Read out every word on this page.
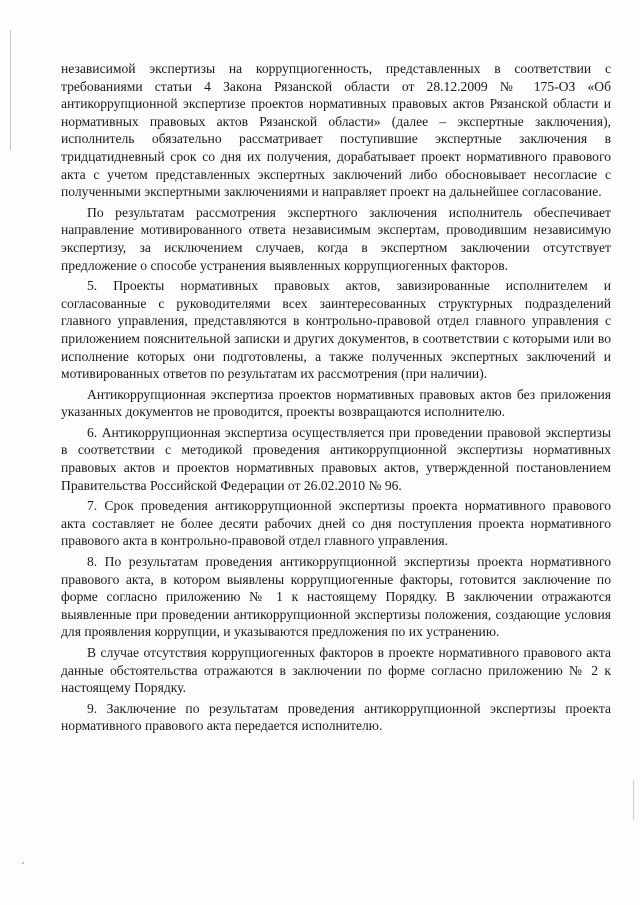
независимой экспертизы на коррупциогенность, представленных в соответствии с требованиями статьи 4 Закона Рязанской области от 28.12.2009 № 175-ОЗ «Об антикоррупционной экспертизе проектов нормативных правовых актов Рязанской области и нормативных правовых актов Рязанской области» (далее – экспертные заключения), исполнитель обязательно рассматривает поступившие экспертные заключения в тридцатидневный срок со дня их получения, дорабатывает проект нормативного правового акта с учетом представленных экспертных заключений либо обосновывает несогласие с полученными экспертными заключениями и направляет проект на дальнейшее согласование.

По результатам рассмотрения экспертного заключения исполнитель обеспечивает направление мотивированного ответа независимым экспертам, проводившим независимую экспертизу, за исключением случаев, когда в экспертном заключении отсутствует предложение о способе устранения выявленных коррупциогенных факторов.

5. Проекты нормативных правовых актов, завизированные исполнителем и согласованные с руководителями всех заинтересованных структурных подразделений главного управления, представляются в контрольно-правовой отдел главного управления с приложением пояснительной записки и других документов, в соответствии с которыми или во исполнение которых они подготовлены, а также полученных экспертных заключений и мотивированных ответов по результатам их рассмотрения (при наличии).

Антикоррупционная экспертиза проектов нормативных правовых актов без приложения указанных документов не проводится, проекты возвращаются исполнителю.

6. Антикоррупционная экспертиза осуществляется при проведении правовой экспертизы в соответствии с методикой проведения антикоррупционной экспертизы нормативных правовых актов и проектов нормативных правовых актов, утвержденной постановлением Правительства Российской Федерации от 26.02.2010 № 96.

7. Срок проведения антикоррупционной экспертизы проекта нормативного правового акта составляет не более десяти рабочих дней со дня поступления проекта нормативного правового акта в контрольно-правовой отдел главного управления.

8. По результатам проведения антикоррупционной экспертизы проекта нормативного правового акта, в котором выявлены коррупциогенные факторы, готовится заключение по форме согласно приложению № 1 к настоящему Порядку. В заключении отражаются выявленные при проведении антикоррупционной экспертизы положения, создающие условия для проявления коррупции, и указываются предложения по их устранению.

В случае отсутствия коррупциогенных факторов в проекте нормативного правового акта данные обстоятельства отражаются в заключении по форме согласно приложению № 2 к настоящему Порядку.

9. Заключение по результатам проведения антикоррупционной экспертизы проекта нормативного правового акта передается исполнителю.
